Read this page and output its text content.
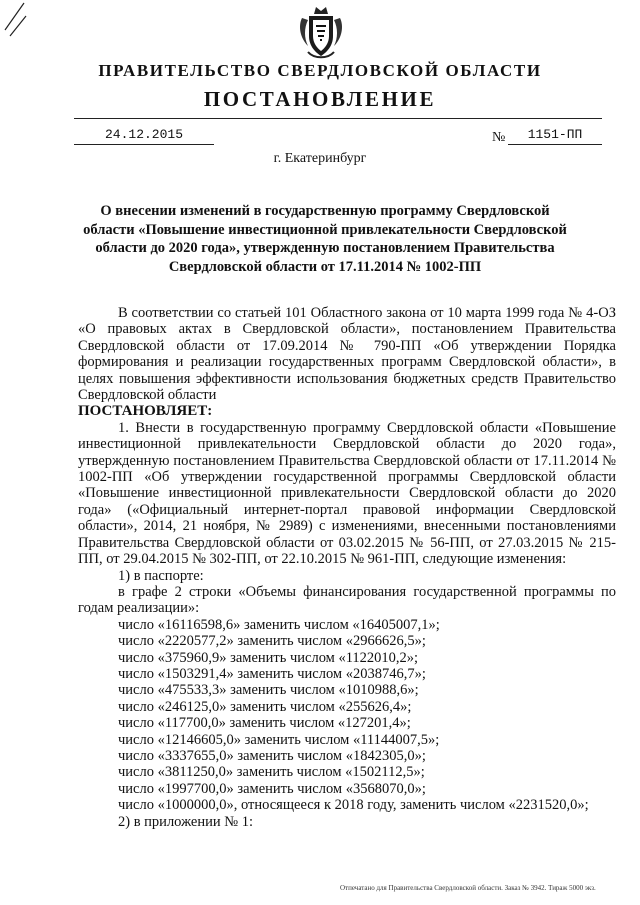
ПРАВИТЕЛЬСТВО СВЕРДЛОВСКОЙ ОБЛАСТИ
ПОСТАНОВЛЕНИЕ
24.12.2015	№	1151-ПП
г. Екатеринбург
О внесении изменений в государственную программу Свердловской области «Повышение инвестиционной привлекательности Свердловской области до 2020 года», утвержденную постановлением Правительства Свердловской области от 17.11.2014 № 1002-ПП

В соответствии со статьей 101 Областного закона от 10 марта 1999 года № 4-ОЗ «О правовых актах в Свердловской области», постановлением Правительства Свердловской области от 17.09.2014 № 790-ПП «Об утверждении Порядка формирования и реализации государственных программ Свердловской области», в целях повышения эффективности использования бюджетных средств Правительство Свердловской области

ПОСТАНОВЛЯЕТ:

1. Внести в государственную программу Свердловской области «Повышение инвестиционной привлекательности Свердловской области до 2020 года», утвержденную постановлением Правительства Свердловской области от 17.11.2014 № 1002-ПП «Об утверждении государственной программы Свердловской области «Повышение инвестиционной привлекательности Свердловской области до 2020 года» («Официальный интернет-портал правовой информации Свердловской области», 2014, 21 ноября, № 2989) с изменениями, внесенными постановлениями Правительства Свердловской области от 03.02.2015 № 56-ПП, от 27.03.2015 № 215-ПП, от 29.04.2015 № 302-ПП, от 22.10.2015 № 961-ПП, следующие изменения:

1) в паспорте:

в графе 2 строки «Объемы финансирования государственной программы по годам реализации»:

число «16116598,6» заменить числом «16405007,1»;
число «2220577,2» заменить числом «2966626,5»;
число «375960,9» заменить числом «1122010,2»;
число «1503291,4» заменить числом «2038746,7»;
число «475533,3» заменить числом «1010988,6»;
число «246125,0» заменить числом «255626,4»;
число «117700,0» заменить числом «127201,4»;
число «12146605,0» заменить числом «11144007,5»;
число «3337655,0» заменить числом «1842305,0»;
число «3811250,0» заменить числом «1502112,5»;
число «1997700,0» заменить числом «3568070,0»;
число «1000000,0», относящееся к 2018 году, заменить числом «2231520,0»;

2) в приложении № 1:

Отпечатано для Правительства Свердловской области. Заказ № 3942. Тираж 5000 экз.
